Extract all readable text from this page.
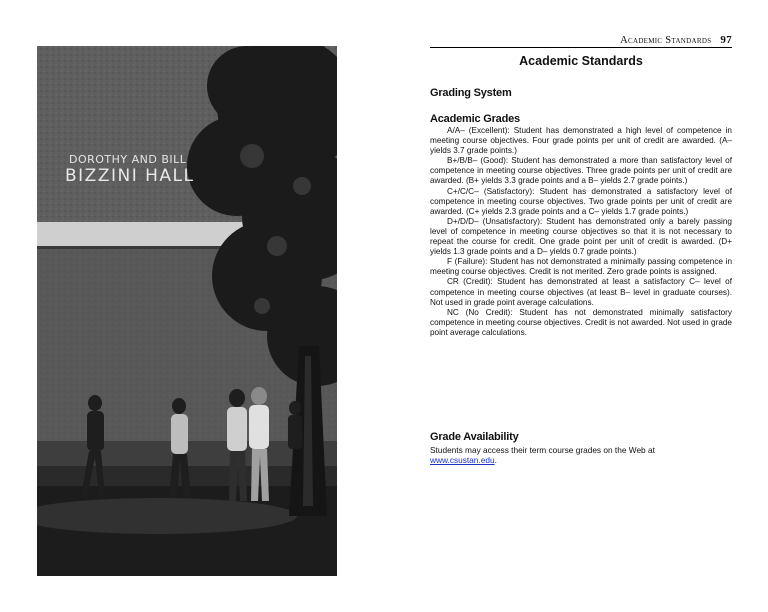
DOROTHY AND BILL
BIZZINI HALL
Academic Standards 97
Academic Standards
Grading System
Academic Grades

A/A– (Excellent): Student has demonstrated a high level of competence in meeting course objectives. Four grade points per unit of credit are awarded. (A– yields 3.7 grade points.)

B+/B/B– (Good): Student has demonstrated a more than satisfactory level of competence in meeting course objectives. Three grade points per unit of credit are awarded. (B+ yields 3.3 grade points and a B– yields 2.7 grade points.)

C+/C/C– (Satisfactory): Student has demonstrated a satisfactory level of competence in meeting course objectives. Two grade points per unit of credit are awarded. (C+ yields 2.3 grade points and a C– yields 1.7 grade points.)

D+/D/D– (Unsatisfactory): Student has demonstrated only a barely passing level of competence in meeting course objectives so that it is not necessary to repeat the course for credit. One grade point per unit of credit is awarded. (D+ yields 1.3 grade points and a D– yields 0.7 grade points.)

F (Failure): Student has not demonstrated a minimally passing competence in meeting course objectives. Credit is not merited. Zero grade points is assigned.

CR (Credit): Student has demonstrated at least a satisfactory C– level of competence in meeting course objectives (at least B– level in graduate courses). Not used in grade point average calculations.

NC (No Credit): Student has not demonstrated minimally satisfactory competence in meeting course objectives. Credit is not awarded. Not used in grade point average calculations.

Grade Availability
Students may access their term course grades on the Web at
www.csustan.edu.
